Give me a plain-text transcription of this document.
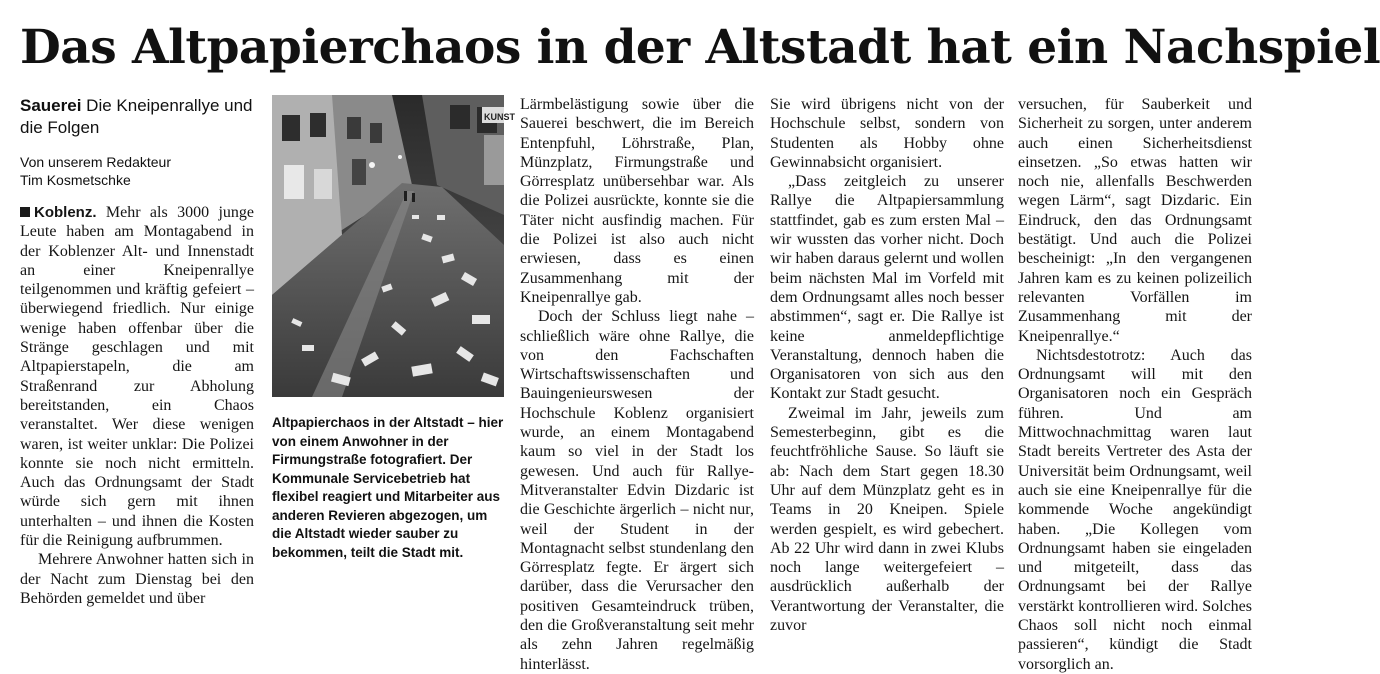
Das Altpapierchaos in der Altstadt hat ein Nachspiel
Sauerei Die Kneipenrallye und die Folgen
Von unserem Redakteur
Tim Kosmetschke

Koblenz. Mehr als 3000 junge Leute haben am Montagabend in der Koblenzer Alt- und Innenstadt an einer Kneipenrallye teilgenommen und kräftig gefeiert – überwiegend friedlich. Nur einige wenige haben offenbar über die Stränge geschlagen und mit Altpapierstapeln, die am Straßenrand zur Abholung bereitstanden, ein Chaos veranstaltet. Wer diese wenigen waren, ist weiter unklar: Die Polizei konnte sie noch nicht ermitteln. Auch das Ordnungsamt der Stadt würde sich gern mit ihnen unterhalten – und ihnen die Kosten für die Reinigung aufbrummen.

Mehrere Anwohner hatten sich in der Nacht zum Dienstag bei den Behörden gemeldet und über

KUNST
Altpapierchaos in der Altstadt – hier von einem Anwohner in der Firmungstraße fotografiert. Der Kommunale Servicebetrieb hat flexibel reagiert und Mitarbeiter aus anderen Revieren abgezogen, um die Altstadt wieder sauber zu bekommen, teilt die Stadt mit.

Lärmbelästigung sowie über die Sauerei beschwert, die im Bereich Entenpfuhl, Löhrstraße, Plan, Münzplatz, Firmungstraße und Görresplatz unübersehbar war. Als die Polizei ausrückte, konnte sie die Täter nicht ausfindig machen. Für die Polizei ist also auch nicht erwiesen, dass es einen Zusammenhang mit der Kneipenrallye gab.

Doch der Schluss liegt nahe – schließlich wäre ohne Rallye, die von den Fachschaften Wirtschaftswissenschaften und Bauingenieurswesen der Hochschule Koblenz organisiert wurde, an einem Montagabend kaum so viel in der Stadt los gewesen. Und auch für Rallye-Mitveranstalter Edvin Dizdaric ist die Geschichte ärgerlich – nicht nur, weil der Student in der Montagnacht selbst stundenlang den Görresplatz fegte. Er ärgert sich darüber, dass die Verursacher den positiven Gesamteindruck trüben, den die Großveranstaltung seit mehr als zehn Jahren regelmäßig hinterlässt.

Sie wird übrigens nicht von der Hochschule selbst, sondern von Studenten als Hobby ohne Gewinnabsicht organisiert.

„Dass zeitgleich zu unserer Rallye die Altpapiersammlung stattfindet, gab es zum ersten Mal – wir wussten das vorher nicht. Doch wir haben daraus gelernt und wollen beim nächsten Mal im Vorfeld mit dem Ordnungsamt alles noch besser abstimmen“, sagt er. Die Rallye ist keine anmeldepflichtige Veranstaltung, dennoch haben die Organisatoren von sich aus den Kontakt zur Stadt gesucht.

Zweimal im Jahr, jeweils zum Semesterbeginn, gibt es die feuchtfröhliche Sause. So läuft sie ab: Nach dem Start gegen 18.30 Uhr auf dem Münzplatz geht es in Teams in 20 Kneipen. Spiele werden gespielt, es wird gebechert. Ab 22 Uhr wird dann in zwei Klubs noch lange weitergefeiert – ausdrücklich außerhalb der Verantwortung der Veranstalter, die zuvor

versuchen, für Sauberkeit und Sicherheit zu sorgen, unter anderem auch einen Sicherheitsdienst einsetzen. „So etwas hatten wir noch nie, allenfalls Beschwerden wegen Lärm“, sagt Dizdaric. Ein Eindruck, den das Ordnungsamt bestätigt. Und auch die Polizei bescheinigt: „In den vergangenen Jahren kam es zu keinen polizeilich relevanten Vorfällen im Zusammenhang mit der Kneipenrallye.“

Nichtsdestotrotz: Auch das Ordnungsamt will mit den Organisatoren noch ein Gespräch führen. Und am Mittwochnachmittag waren laut Stadt bereits Vertreter des Asta der Universität beim Ordnungsamt, weil auch sie eine Kneipenrallye für die kommende Woche angekündigt haben. „Die Kollegen vom Ordnungsamt haben sie eingeladen und mitgeteilt, dass das Ordnungsamt bei der Rallye verstärkt kontrollieren wird. Solches Chaos soll nicht noch einmal passieren“, kündigt die Stadt vorsorglich an.
